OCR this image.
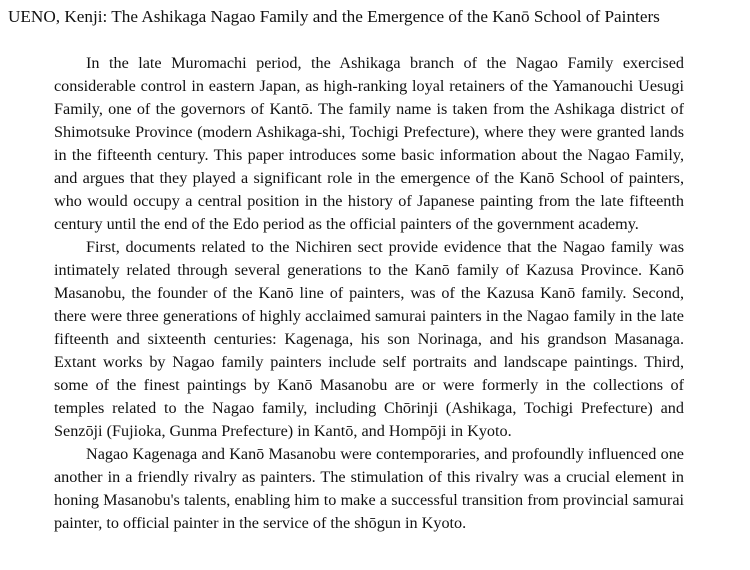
UENO, Kenji: The Ashikaga Nagao Family and the Emergence of the Kanō School of Painters

In the late Muromachi period, the Ashikaga branch of the Nagao Family exercised considerable control in eastern Japan, as high-ranking loyal retainers of the Yamanouchi Uesugi Family, one of the governors of Kantō. The family name is taken from the Ashikaga district of Shimotsuke Province (modern Ashikaga-shi, Tochigi Prefecture), where they were granted lands in the fifteenth century. This paper introduces some basic information about the Nagao Family, and argues that they played a significant role in the emergence of the Kanō School of painters, who would occupy a central position in the history of Japanese painting from the late fifteenth century until the end of the Edo period as the official painters of the government academy.

First, documents related to the Nichiren sect provide evidence that the Nagao family was intimately related through several generations to the Kanō family of Kazusa Province. Kanō Masanobu, the founder of the Kanō line of painters, was of the Kazusa Kanō family. Second, there were three generations of highly acclaimed samurai painters in the Nagao family in the late fifteenth and sixteenth centuries: Kagenaga, his son Norinaga, and his grandson Masanaga. Extant works by Nagao family painters include self portraits and landscape paintings. Third, some of the finest paintings by Kanō Masanobu are or were formerly in the collections of temples related to the Nagao family, including Chōrinji (Ashikaga, Tochigi Prefecture) and Senzōji (Fujioka, Gunma Prefecture) in Kantō, and Hompōji in Kyoto.

Nagao Kagenaga and Kanō Masanobu were contemporaries, and profoundly influenced one another in a friendly rivalry as painters. The stimulation of this rivalry was a crucial element in honing Masanobu's talents, enabling him to make a successful transition from provincial samurai painter, to official painter in the service of the shōgun in Kyoto.
